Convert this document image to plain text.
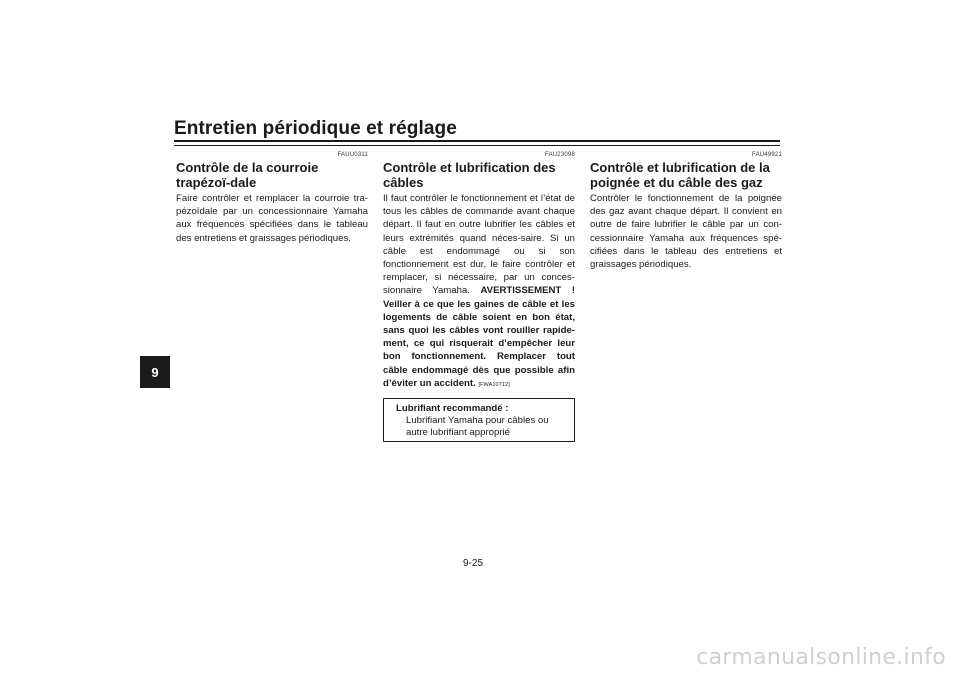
Entretien périodique et réglage
9

FAUU0311

Contrôle de la courroie trapézoï-dale

Faire contrôler et remplacer la courroie tra-pézoïdale par un concessionnaire Yamaha aux fréquences spécifiées dans le tableau des entretiens et graissages périodiques.

FAU23098

Contrôle et lubrification des câbles

Il faut contrôler le fonctionnement et l’état de tous les câbles de commande avant chaque départ. Il faut en outre lubrifier les câbles et leurs extrémités quand néces-saire. Si un câble est endommagé ou si son fonctionnement est dur, le faire contrôler et remplacer, si nécessaire, par un conces-sionnaire Yamaha. AVERTISSEMENT ! Veiller à ce que les gaines de câble et les logements de câble soient en bon état, sans quoi les câbles vont rouiller rapide-ment, ce qui risquerait d’empêcher leur bon fonctionnement. Remplacer tout câble endommagé dès que possible afin d’éviter un accident. [FWA10712]

Lubrifiant recommandé :
Lubrifiant Yamaha pour câbles ou autre lubrifiant approprié

FAU49921

Contrôle et lubrification de la poignée et du câble des gaz

Contrôler le fonctionnement de la poignée des gaz avant chaque départ. Il convient en outre de faire lubrifier le câble par un con-cessionnaire Yamaha aux fréquences spé-cifiées dans le tableau des entretiens et graissages périodiques.

9-25
carmanualsonline.info
